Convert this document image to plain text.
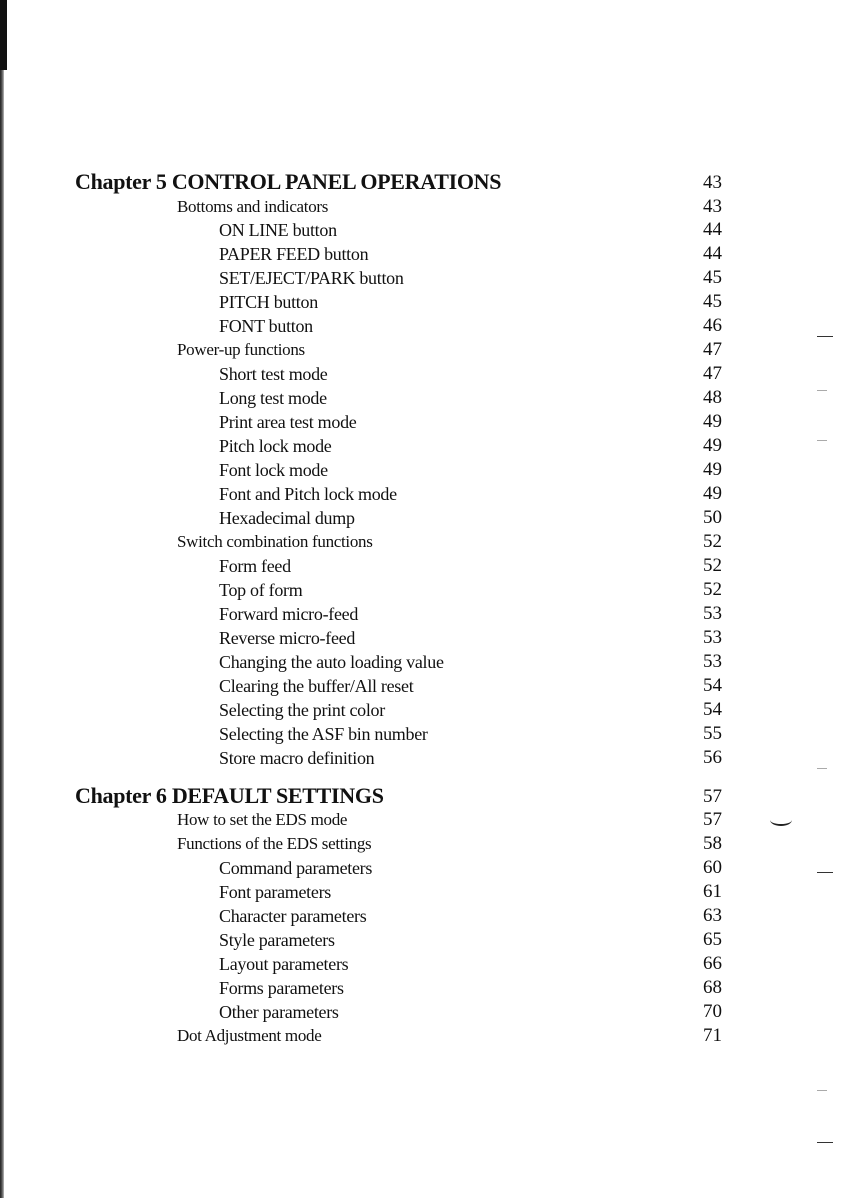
Chapter 5 CONTROL PANEL OPERATIONS	43
Bottoms and indicators	43
ON LINE button	44
PAPER FEED button	44
SET/EJECT/PARK button	45
PITCH button	45
FONT button	46
Power-up functions	47
Short test mode	47
Long test mode	48
Print area test mode	49
Pitch lock mode	49
Font lock mode	49
Font and Pitch lock mode	49
Hexadecimal dump	50
Switch combination functions	52
Form feed	52
Top of form	52
Forward micro-feed	53
Reverse micro-feed	53
Changing the auto loading value	53
Clearing the buffer/All reset	54
Selecting the print color	54
Selecting the ASF bin number	55
Store macro definition	56
Chapter 6 DEFAULT SETTINGS	57
How to set the EDS mode	57
Functions of the EDS settings	58
Command parameters	60
Font parameters	61
Character parameters	63
Style parameters	65
Layout parameters	66
Forms parameters	68
Other parameters	70
Dot Adjustment mode	71
